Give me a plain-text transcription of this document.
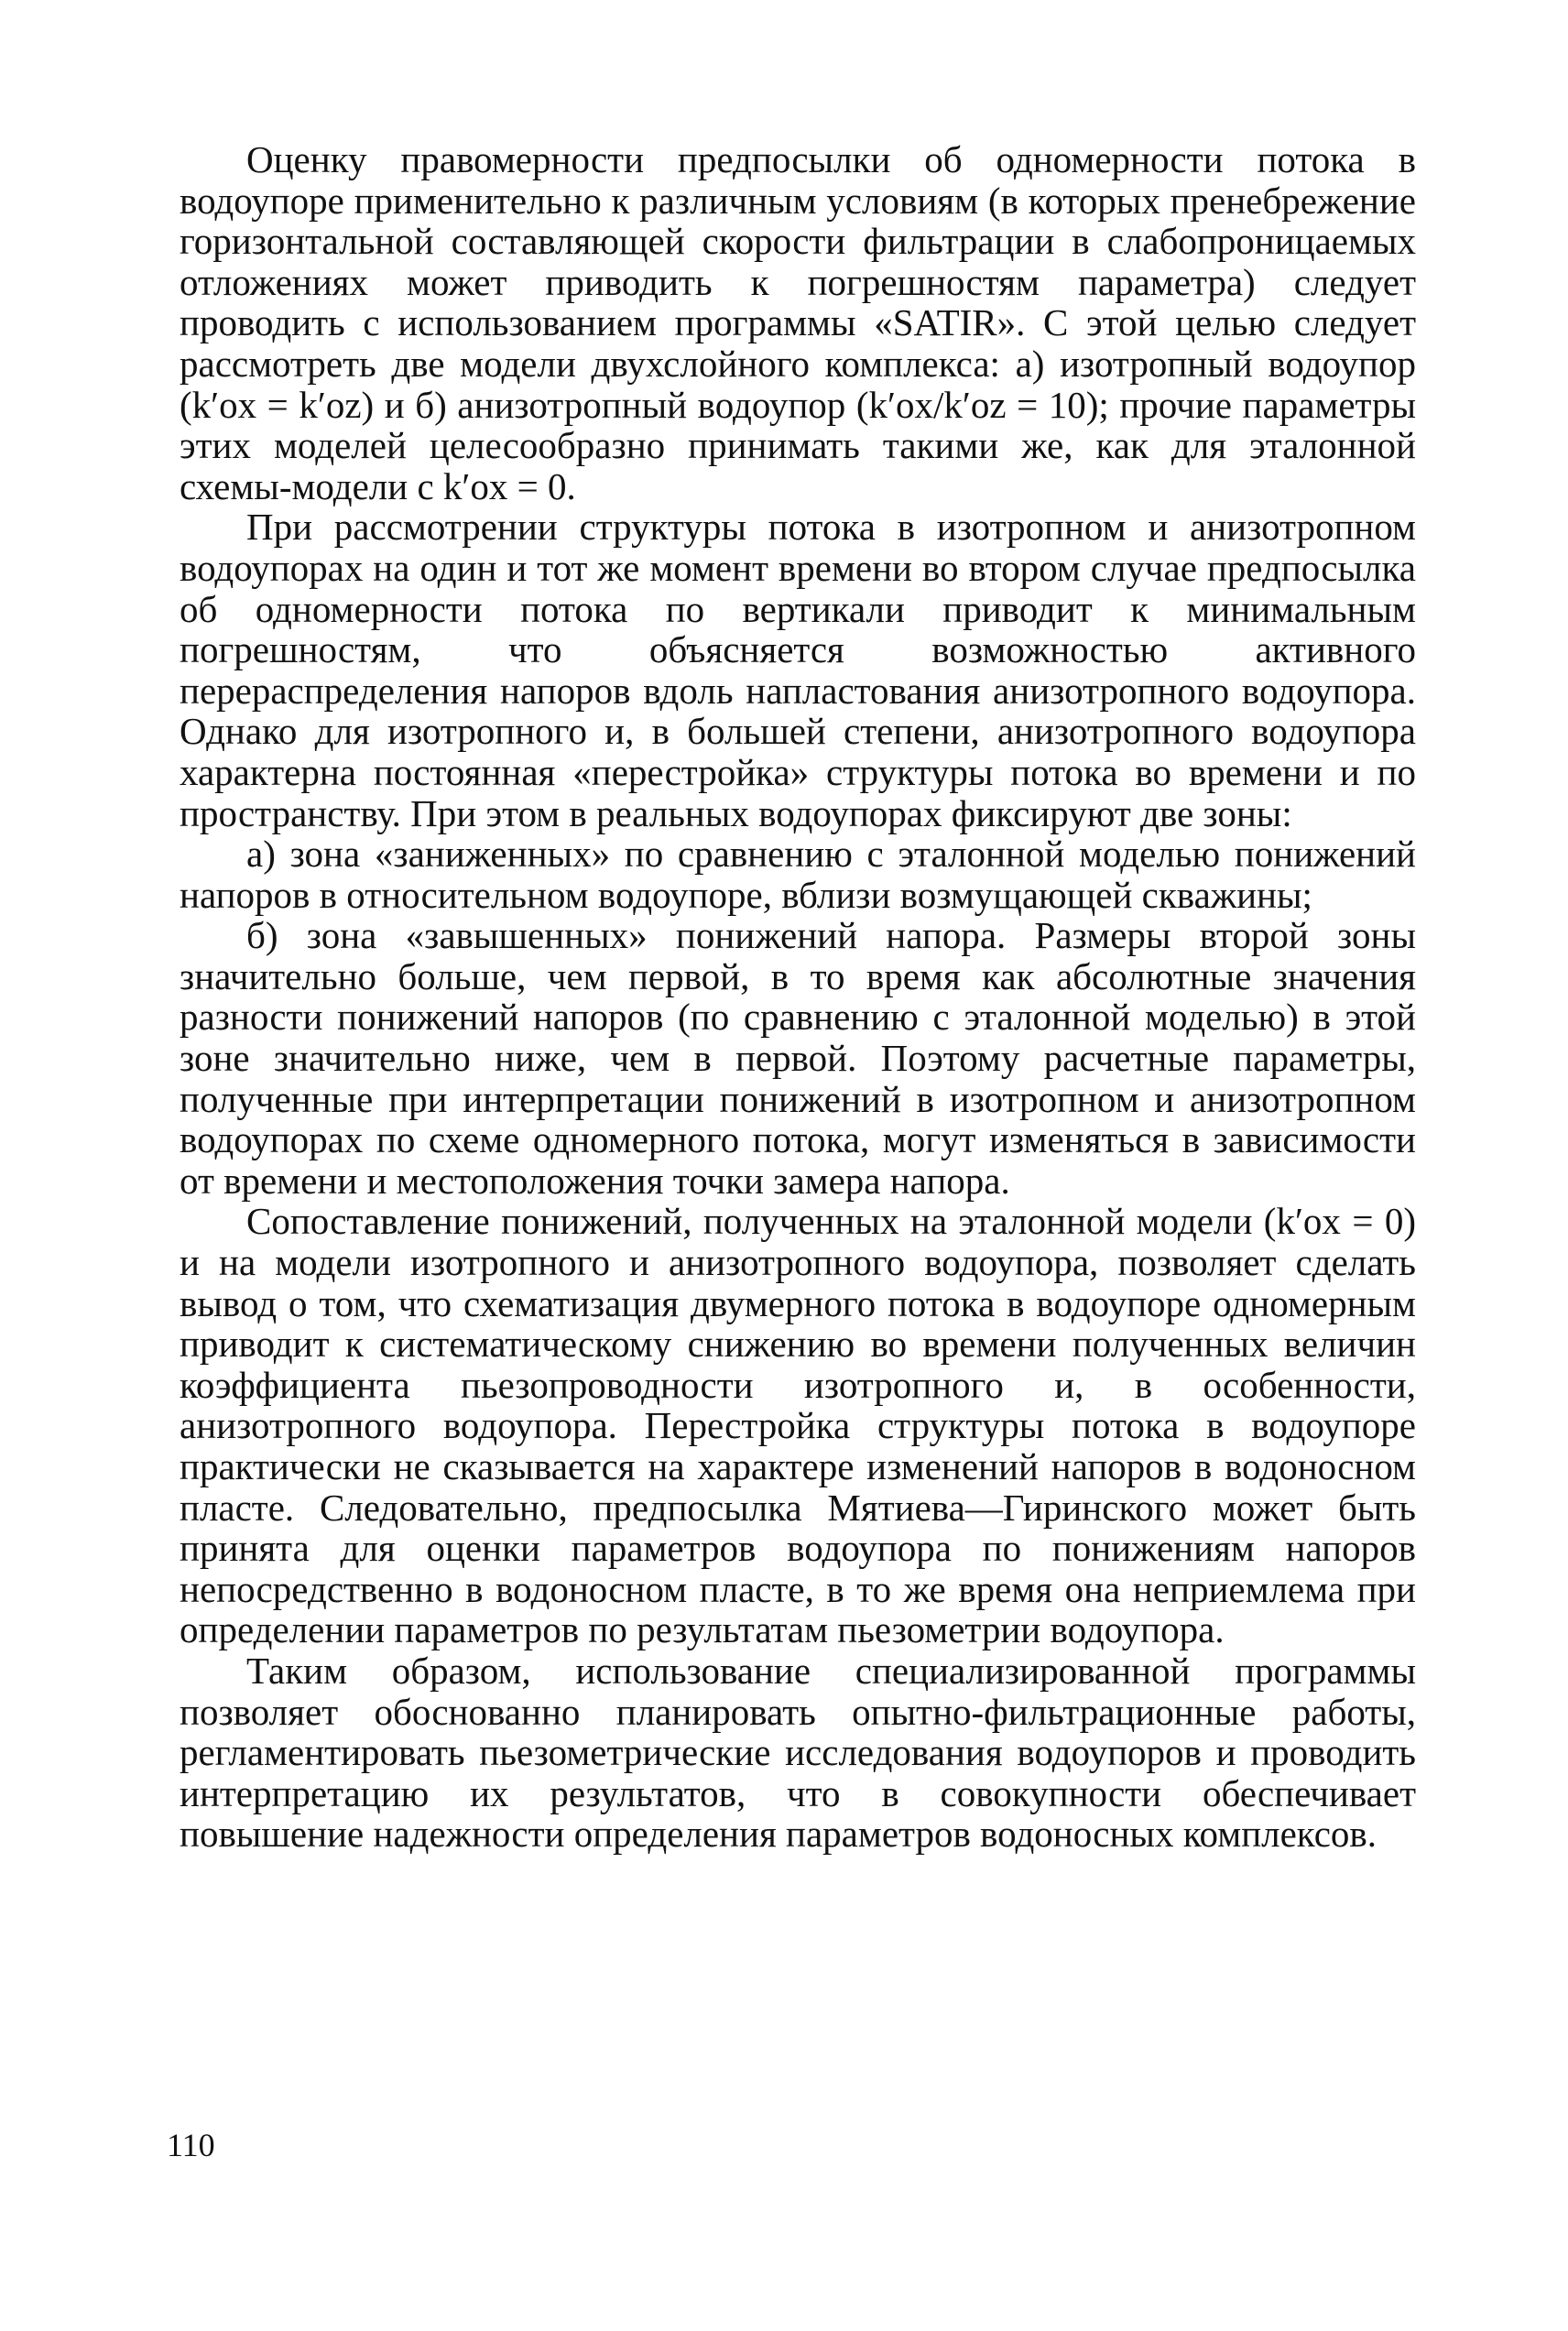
Оценку правомерности предпосылки об одномерности потока в водоупоре применительно к различным условиям (в которых пренебрежение горизонтальной составляющей скорости фильтрации в слабопроницаемых отложениях может приводить к погрешностям параметра) следует проводить с использованием программы «SATIR». С этой целью следует рассмотреть две модели двухслойного комплекса: а) изотропный водоупор (k′ox = k′oz) и б) анизотропный водоупор (k′ox/k′oz = 10); прочие параметры этих моделей целесообразно принимать такими же, как для эталонной схемы-модели с k′ox = 0.

При рассмотрении структуры потока в изотропном и анизотропном водоупорах на один и тот же момент времени во втором случае предпосылка об одномерности потока по вертикали приводит к минимальным погрешностям, что объясняется возможностью активного перераспределения напоров вдоль напластования анизотропного водоупора. Однако для изотропного и, в большей степени, анизотропного водоупора характерна постоянная «перестройка» структуры потока во времени и по пространству. При этом в реальных водоупорах фиксируют две зоны:

а) зона «заниженных» по сравнению с эталонной моделью понижений напоров в относительном водоупоре, вблизи возмущающей скважины;

б) зона «завышенных» понижений напора. Размеры второй зоны значительно больше, чем первой, в то время как абсолютные значения разности понижений напоров (по сравнению с эталонной моделью) в этой зоне значительно ниже, чем в первой. Поэтому расчетные параметры, полученные при интерпретации понижений в изотропном и анизотропном водоупорах по схеме одномерного потока, могут изменяться в зависимости от времени и местоположения точки замера напора.

Сопоставление понижений, полученных на эталонной модели (k′ox = 0) и на модели изотропного и анизотропного водоупора, позволяет сделать вывод о том, что схематизация двумерного потока в водоупоре одномерным приводит к систематическому снижению во времени полученных величин коэффициента пьезопроводности изотропного и, в особенности, анизотропного водоупора. Перестройка структуры потока в водоупоре практически не сказывается на характере изменений напоров в водоносном пласте. Следовательно, предпосылка Мятиева—Гиринского может быть принята для оценки параметров водоупора по понижениям напоров непосредственно в водоносном пласте, в то же время она неприемлема при определении параметров по результатам пьезометрии водоупора.

Таким образом, использование специализированной программы позволяет обоснованно планировать опытно-фильтрационные работы, регламентировать пьезометрические исследования водоупоров и проводить интерпретацию их результатов, что в совокупности обеспечивает повышение надежности определения параметров водоносных комплексов.

110
